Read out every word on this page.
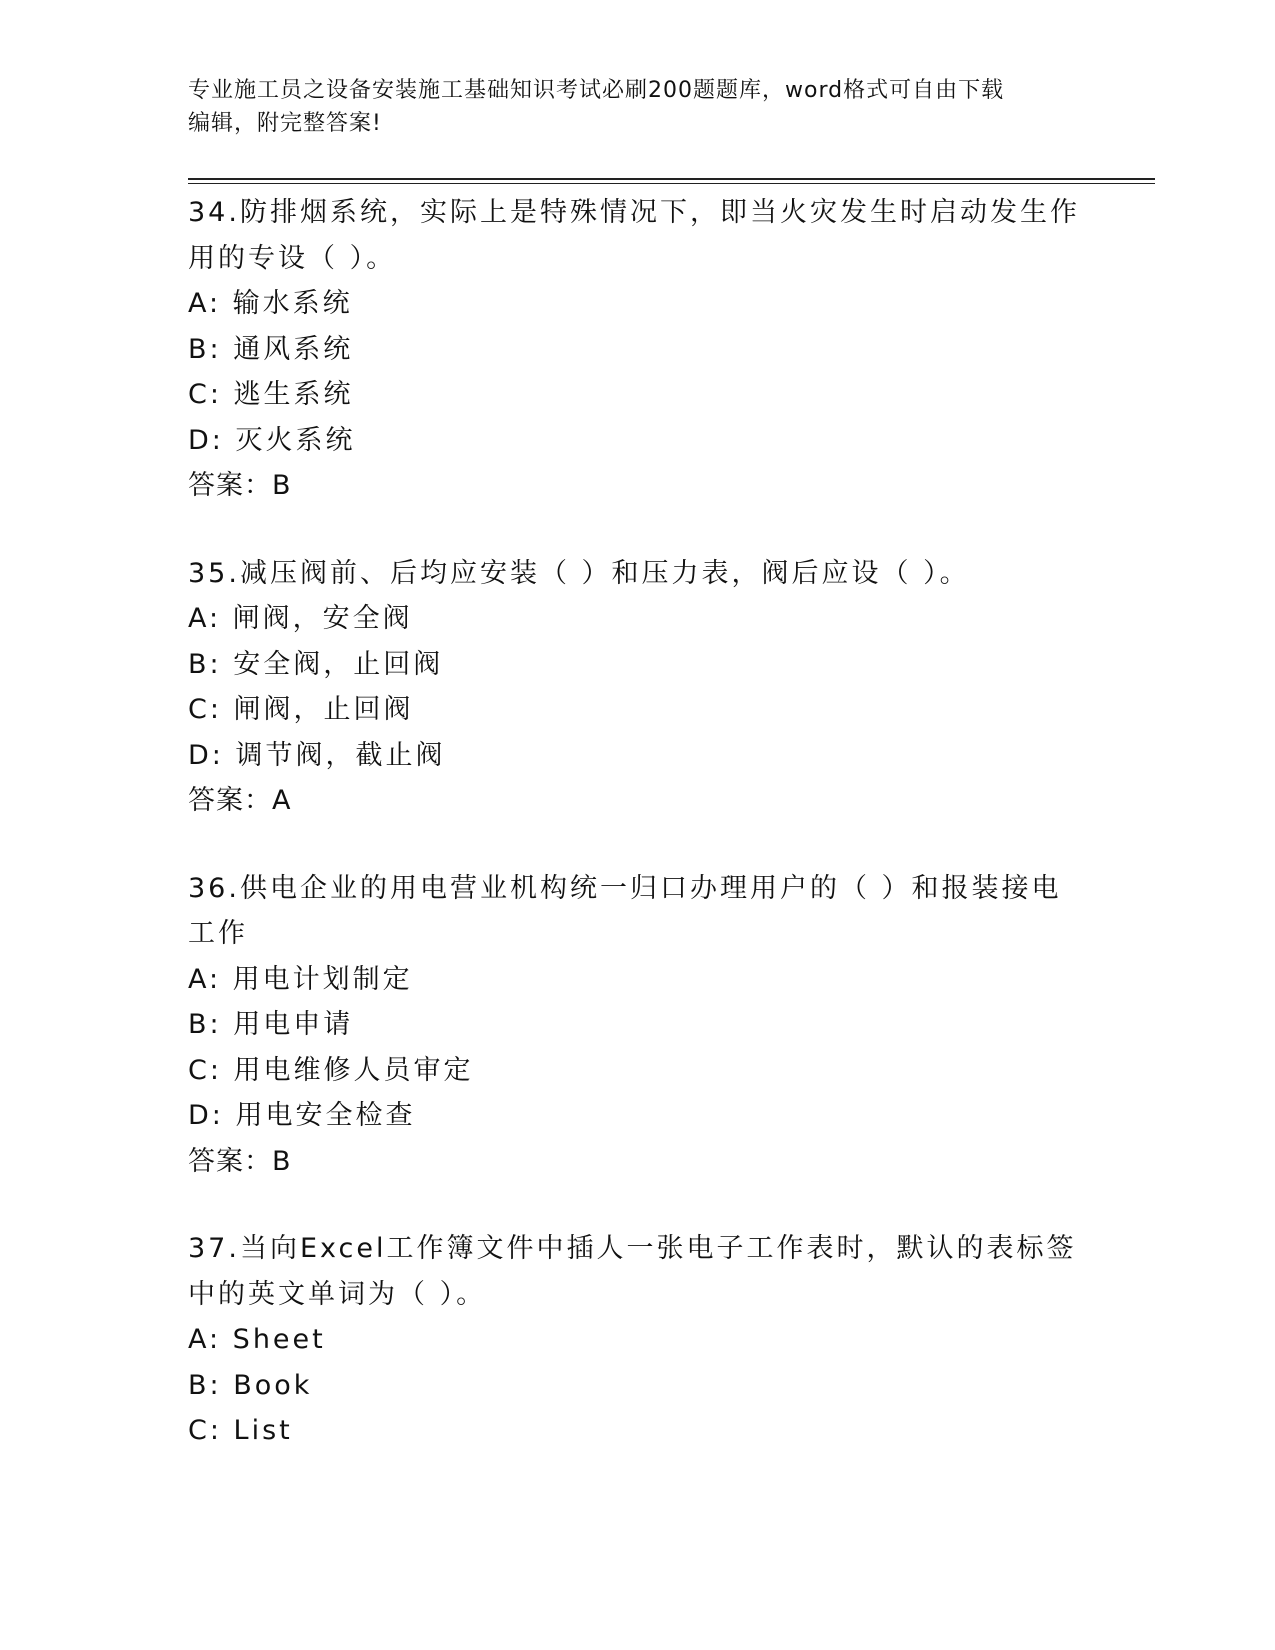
专业施工员之设备安装施工基础知识考试必刷200题题库，word格式可自由下载
编辑，附完整答案!

34.防排烟系统，实际上是特殊情况下，即当火灾发生时启动发生作用的专设（ ）。

A: 输水系统

B: 通风系统

C: 逃生系统

D: 灭火系统

答案：B

35.减压阀前、后均应安装（ ）和压力表，阀后应设（ ）。

A: 闸阀，安全阀

B: 安全阀，止回阀

C: 闸阀，止回阀

D: 调节阀，截止阀

答案：A

36.供电企业的用电营业机构统一归口办理用户的（ ）和报装接电工作

A: 用电计划制定

B: 用电申请

C: 用电维修人员审定

D: 用电安全检查

答案：B

37.当向Excel工作簿文件中插人一张电子工作表时，默认的表标签中的英文单词为（ ）。

A: Sheet

B: Book

C: List
